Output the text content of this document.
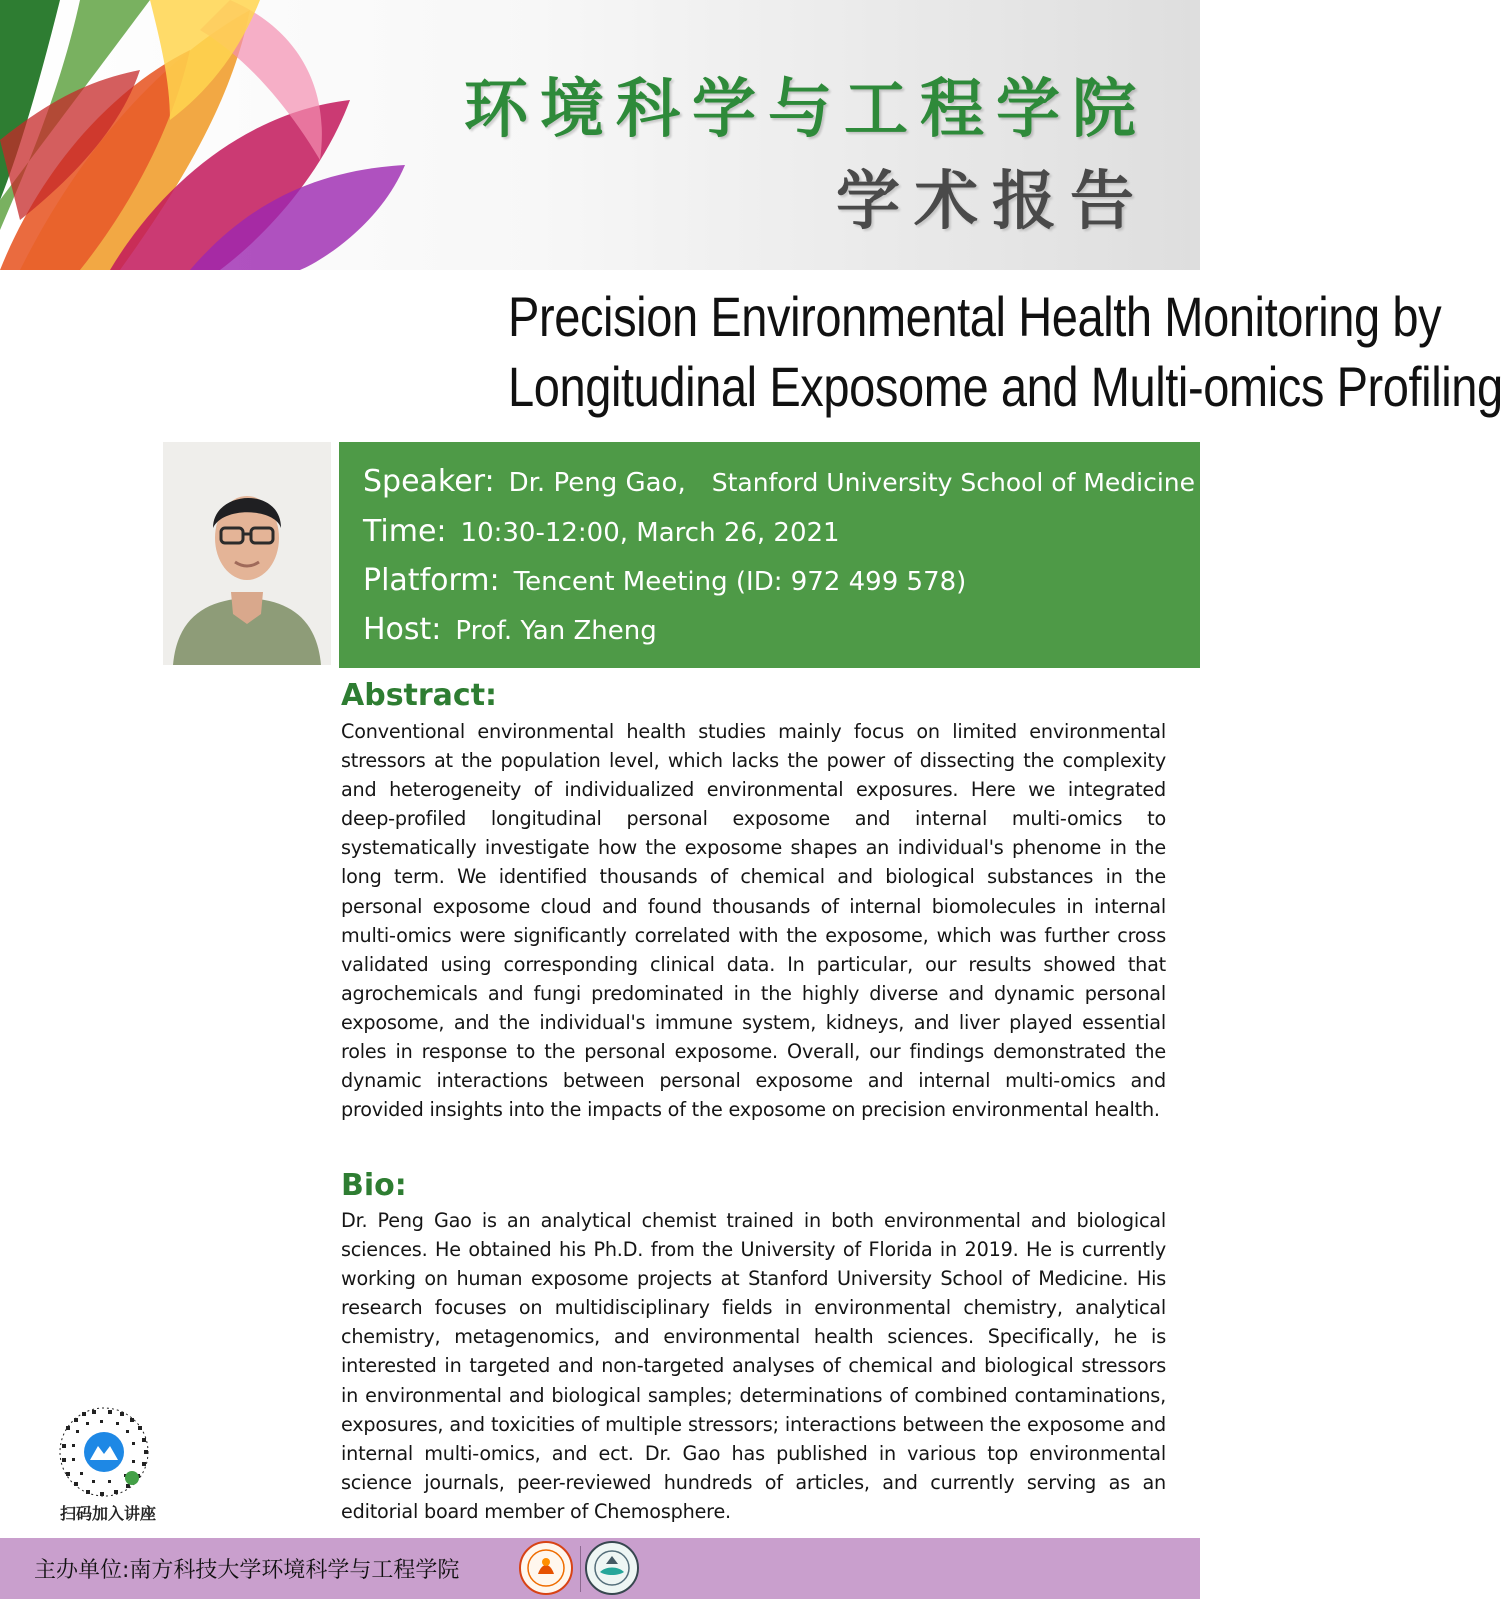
环境科学与工程学院
学术报告
Precision Environmental Health Monitoring by
Longitudinal Exposome and Multi-omics Profiling
Speaker: Dr. Peng Gao, Stanford University School of Medicine
Time: 10:30-12:00, March 26, 2021
Platform: Tencent Meeting (ID: 972 499 578)
Host: Prof. Yan Zheng
Abstract:
Conventional environmental health studies mainly focus on limited environmental stressors at the population level, which lacks the power of dissecting the complexity and heterogeneity of individualized environmental exposures. Here we integrated deep-profiled longitudinal personal exposome and internal multi-omics to systematically investigate how the exposome shapes an individual's phenome in the long term. We identified thousands of chemical and biological substances in the personal exposome cloud and found thousands of internal biomolecules in internal multi-omics were significantly correlated with the exposome, which was further cross validated using corresponding clinical data. In particular, our results showed that agrochemicals and fungi predominated in the highly diverse and dynamic personal exposome, and the individual's immune system, kidneys, and liver played essential roles in response to the personal exposome. Overall, our findings demonstrated the dynamic interactions between personal exposome and internal multi-omics and provided insights into the impacts of the exposome on precision environmental health.
Bio:
Dr. Peng Gao is an analytical chemist trained in both environmental and biological sciences. He obtained his Ph.D. from the University of Florida in 2019. He is currently working on human exposome projects at Stanford University School of Medicine. His research focuses on multidisciplinary fields in environmental chemistry, analytical chemistry, metagenomics, and environmental health sciences. Specifically, he is interested in targeted and non-targeted analyses of chemical and biological stressors in environmental and biological samples; determinations of combined contaminations, exposures, and toxicities of multiple stressors; interactions between the exposome and internal multi-omics, and ect. Dr. Gao has published in various top environmental science journals, peer-reviewed hundreds of articles, and currently serving as an editorial board member of Chemosphere.
扫码加入讲座
主办单位:南方科技大学环境科学与工程学院
